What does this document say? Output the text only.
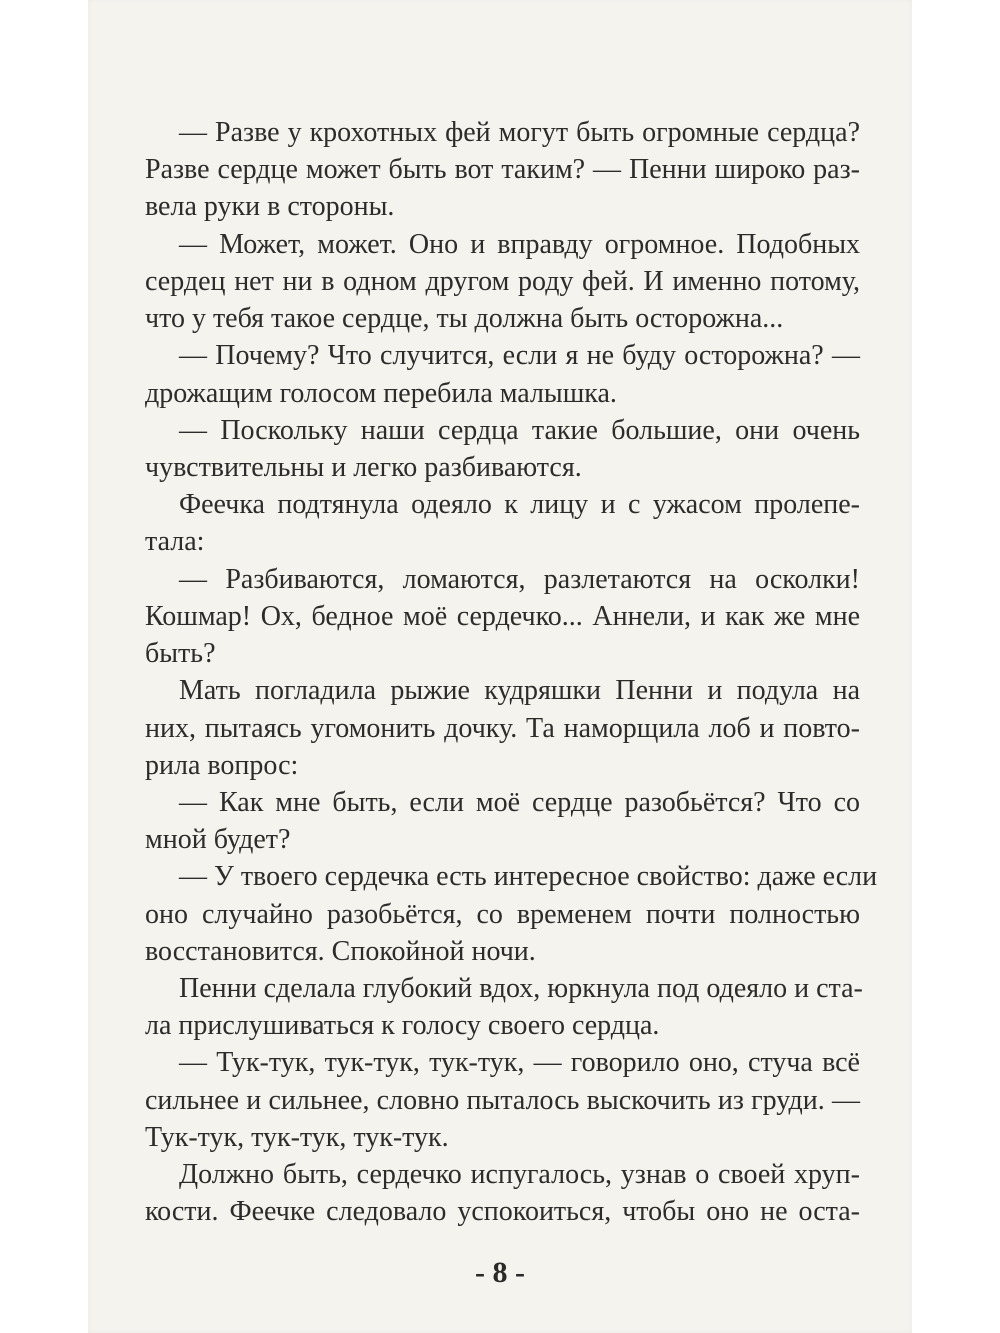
— Разве у крохотных фей могут быть огромные сердца?
Разве сердце может быть вот таким? — Пенни широко раз-
вела руки в стороны.
— Может, может. Оно и вправду огромное. Подобных
сердец нет ни в одном другом роду фей. И именно потому,
что у тебя такое сердце, ты должна быть осторожна...
— Почему? Что случится, если я не буду осторожна? —
дрожащим голосом перебила малышка.
— Поскольку наши сердца такие большие, они очень
чувствительны и легко разбиваются.
Феечка подтянула одеяло к лицу и с ужасом пролепе-
тала:
— Разбиваются, ломаются, разлетаются на осколки!
Кошмар! Ох, бедное моё сердечко... Аннели, и как же мне
быть?
Мать погладила рыжие кудряшки Пенни и подула на
них, пытаясь угомонить дочку. Та наморщила лоб и повто-
рила вопрос:
— Как мне быть, если моё сердце разобьётся? Что со
мной будет?
— У твоего сердечка есть интересное свойство: даже если
оно случайно разобьётся, со временем почти полностью
восстановится. Спокойной ночи.
Пенни сделала глубокий вдох, юркнула под одеяло и ста-
ла прислушиваться к голосу своего сердца.
— Тук-тук, тук-тук, тук-тук, — говорило оно, стуча всё
сильнее и сильнее, словно пыталось выскочить из груди. —
Тук-тук, тук-тук, тук-тук.
Должно быть, сердечко испугалось, узнав о своей хруп-
кости. Феечке следовало успокоиться, чтобы оно не оста-
- 8 -
